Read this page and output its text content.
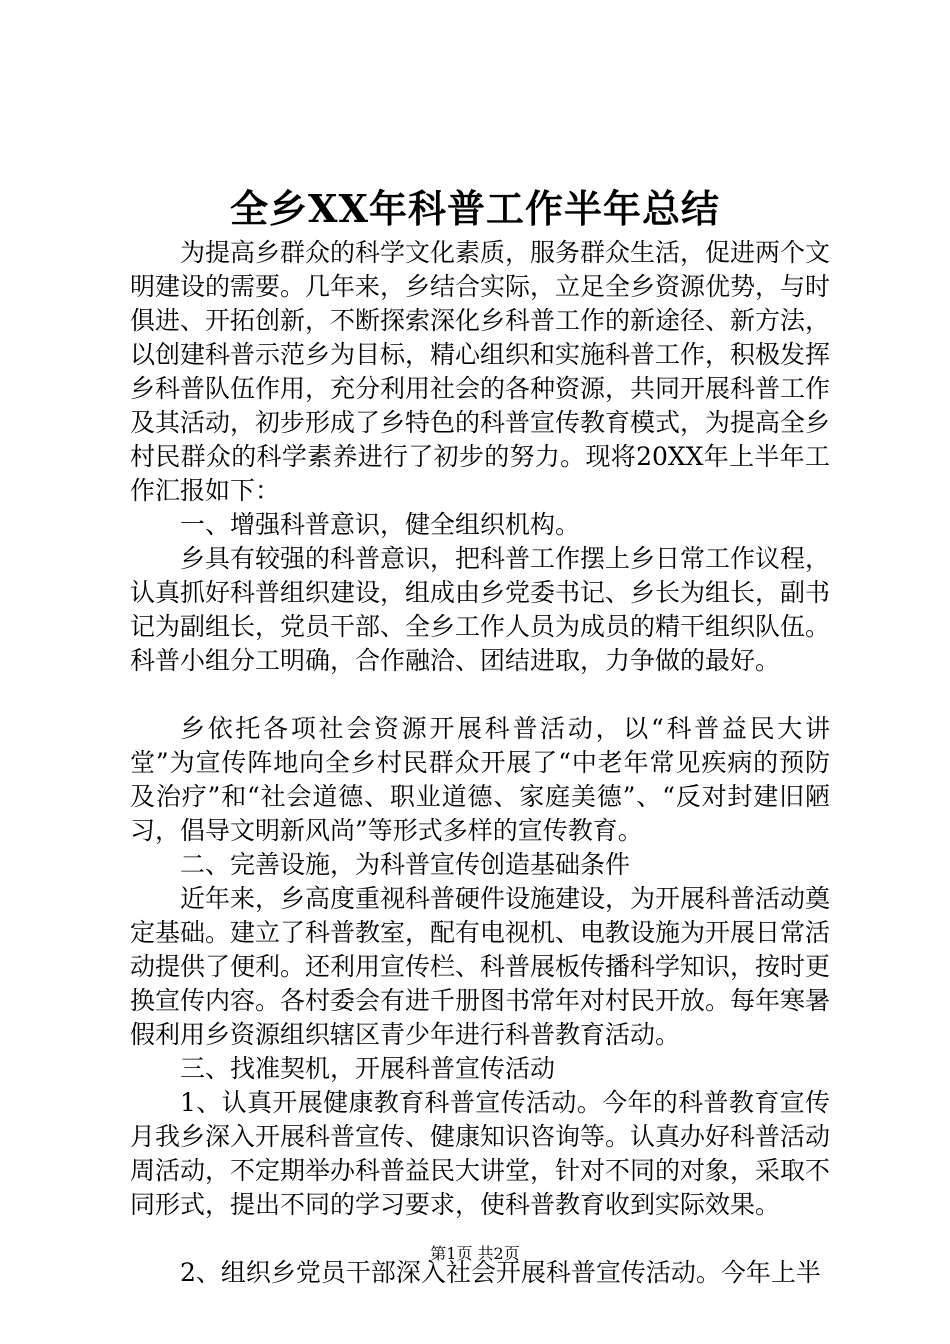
全乡XX年科普工作半年总结

为提高乡群众的科学文化素质，服务群众生活，促进两个文明建设的需要。几年来，乡结合实际，立足全乡资源优势，与时俱进、开拓创新，不断探索深化乡科普工作的新途径、新方法，以创建科普示范乡为目标，精心组织和实施科普工作，积极发挥乡科普队伍作用，充分利用社会的各种资源，共同开展科普工作及其活动，初步形成了乡特色的科普宣传教育模式，为提高全乡村民群众的科学素养进行了初步的努力。现将20XX年上半年工作汇报如下：

一、增强科普意识，健全组织机构。

乡具有较强的科普意识，把科普工作摆上乡日常工作议程，认真抓好科普组织建设，组成由乡党委书记、乡长为组长，副书记为副组长，党员干部、全乡工作人员为成员的精干组织队伍。科普小组分工明确，合作融洽、团结进取，力争做的最好。

乡依托各项社会资源开展科普活动，以“科普益民大讲堂”为宣传阵地向全乡村民群众开展了“中老年常见疾病的预防及治疗”和“社会道德、职业道德、家庭美德”、“反对封建旧陋习，倡导文明新风尚”等形式多样的宣传教育。

二、完善设施，为科普宣传创造基础条件

近年来，乡高度重视科普硬件设施建设，为开展科普活动奠定基础。建立了科普教室，配有电视机、电教设施为开展日常活动提供了便利。还利用宣传栏、科普展板传播科学知识，按时更换宣传内容。各村委会有进千册图书常年对村民开放。每年寒暑假利用乡资源组织辖区青少年进行科普教育活动。

三、找准契机，开展科普宣传活动

1、认真开展健康教育科普宣传活动。今年的科普教育宣传月我乡深入开展科普宣传、健康知识咨询等。认真办好科普活动周活动，不定期举办科普益民大讲堂，针对不同的对象，采取不同形式，提出不同的学习要求，使科普教育收到实际效果。

2、组织乡党员干部深入社会开展科普宣传活动。今年上半

第1页 共2页
